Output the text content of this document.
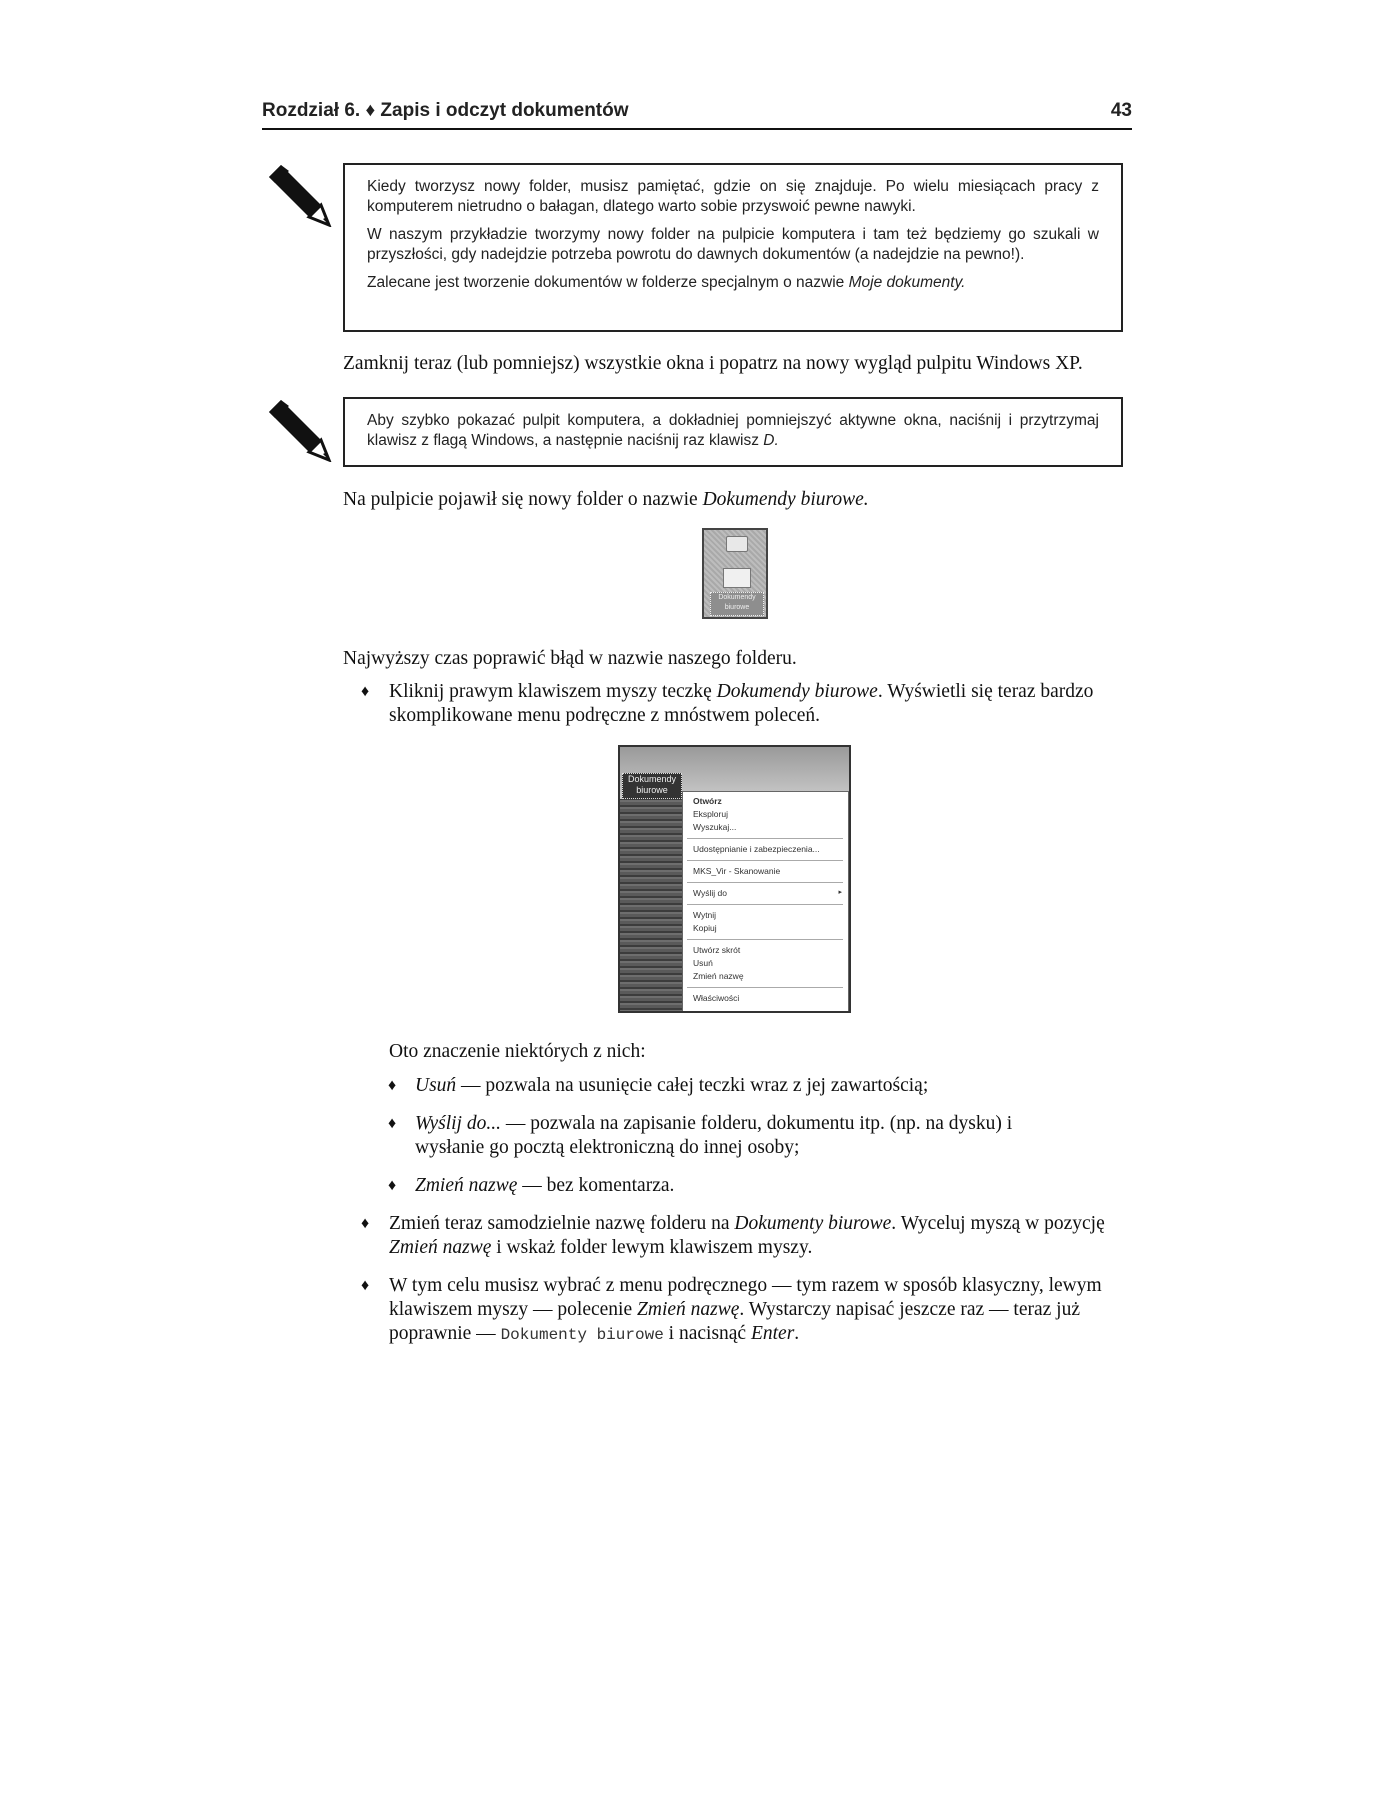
Rozdział 6. ♦ Zapis i odczyt dokumentów	43

Kiedy tworzysz nowy folder, musisz pamiętać, gdzie on się znajduje. Po wielu miesiącach pracy z komputerem nietrudno o bałagan, dlatego warto sobie przyswoić pewne nawyki.

W naszym przykładzie tworzymy nowy folder na pulpicie komputera i tam też będziemy go szukali w przyszłości, gdy nadejdzie potrzeba powrotu do dawnych dokumentów (a nadejdzie na pewno!).

Zalecane jest tworzenie dokumentów w folderze specjalnym o nazwie Moje dokumenty.

Zamknij teraz (lub pomniejsz) wszystkie okna i popatrz na nowy wygląd pulpitu Windows XP.

Aby szybko pokazać pulpit komputera, a dokładniej pomniejszyć aktywne okna, naciśnij i przytrzymaj klawisz z flagą Windows, a następnie naciśnij raz klawisz D.

Na pulpicie pojawił się nowy folder o nazwie Dokumendy biurowe.

Dokumendy biurowe

Najwyższy czas poprawić błąd w nazwie naszego folderu.

♦ Kliknij prawym klawiszem myszy teczkę Dokumendy biurowe. Wyświetli się teraz bardzo skomplikowane menu podręczne z mnóstwem poleceń.

Dokumendy biurowe
Otwórz
Eksploruj
Wyszukaj...
Udostępnianie i zabezpieczenia...
MKS_Vir - Skanowanie
Wyślij do	▸
Wytnij
Kopiuj
Utwórz skrót
Usuń
Zmień nazwę
Właściwości

Oto znaczenie niektórych z nich:

♦ Usuń — pozwala na usunięcie całej teczki wraz z jej zawartością;

♦ Wyślij do... — pozwala na zapisanie folderu, dokumentu itp. (np. na dysku) i wysłanie go pocztą elektroniczną do innej osoby;

♦ Zmień nazwę — bez komentarza.

♦ Zmień teraz samodzielnie nazwę folderu na Dokumenty biurowe. Wyceluj myszą w pozycję Zmień nazwę i wskaż folder lewym klawiszem myszy.

♦ W tym celu musisz wybrać z menu podręcznego — tym razem w sposób klasyczny, lewym klawiszem myszy — polecenie Zmień nazwę. Wystarczy napisać jeszcze raz — teraz już poprawnie — Dokumenty biurowe i nacisnąć Enter.
